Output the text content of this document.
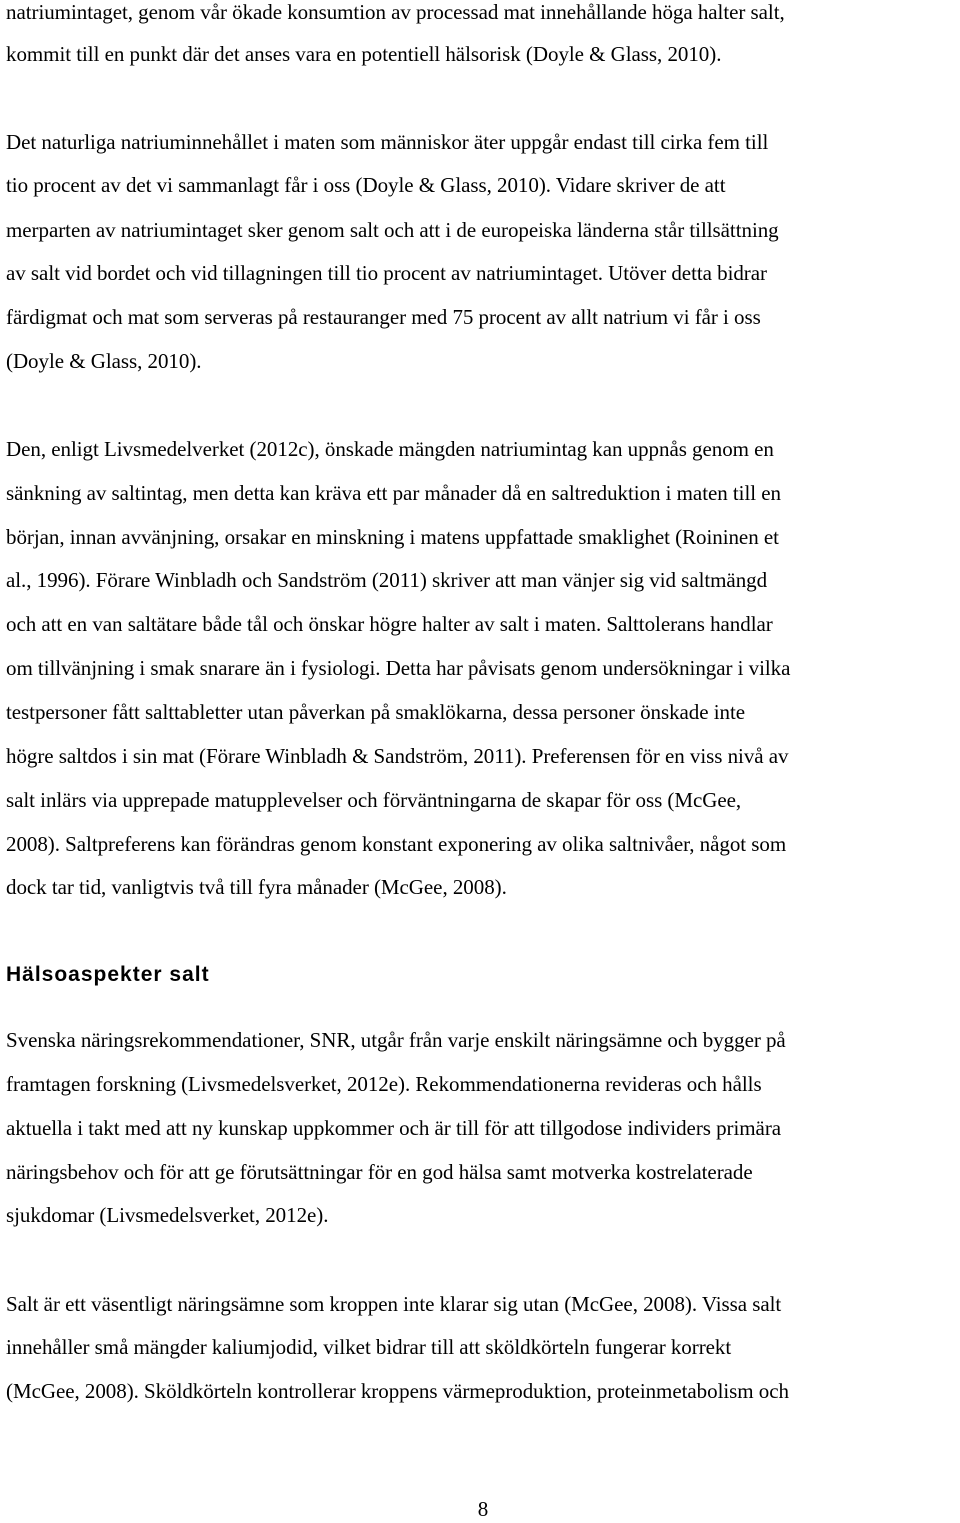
natriumintaget, genom vår ökade konsumtion av processad mat innehållande höga halter salt,
kommit till en punkt där det anses vara en potentiell hälsorisk (Doyle & Glass, 2010).
Det naturliga natriuminnehållet i maten som människor äter uppgår endast till cirka fem till
tio procent av det vi sammanlagt får i oss (Doyle & Glass, 2010). Vidare skriver de att
merparten av natriumintaget sker genom salt och att i de europeiska länderna står tillsättning
av salt vid bordet och vid tillagningen till tio procent av natriumintaget. Utöver detta bidrar
färdigmat och mat som serveras på restauranger med 75 procent av allt natrium vi får i oss
(Doyle & Glass, 2010).
Den, enligt Livsmedelverket (2012c), önskade mängden natriumintag kan uppnås genom en
sänkning av saltintag, men detta kan kräva ett par månader då en saltreduktion i maten till en
början, innan avvänjning, orsakar en minskning i matens uppfattade smaklighet (Roininen et
al., 1996). Förare Winbladh och Sandström (2011) skriver att man vänjer sig vid saltmängd
och att en van saltätare både tål och önskar högre halter av salt i maten. Salttolerans handlar
om tillvänjning i smak snarare än i fysiologi. Detta har påvisats genom undersökningar i vilka
testpersoner fått salttabletter utan påverkan på smaklökarna, dessa personer önskade inte
högre saltdos i sin mat (Förare Winbladh & Sandström, 2011). Preferensen för en viss nivå av
salt inlärs via upprepade matupplevelser och förväntningarna de skapar för oss (McGee,
2008). Saltpreferens kan förändras genom konstant exponering av olika saltnivåer, något som
dock tar tid, vanligtvis två till fyra månader (McGee, 2008).
Hälsoaspekter salt
Svenska näringsrekommendationer, SNR, utgår från varje enskilt näringsämne och bygger på
framtagen forskning (Livsmedelsverket, 2012e). Rekommendationerna revideras och hålls
aktuella i takt med att ny kunskap uppkommer och är till för att tillgodose individers primära
näringsbehov och för att ge förutsättningar för en god hälsa samt motverka kostrelaterade
sjukdomar (Livsmedelsverket, 2012e).
Salt är ett väsentligt näringsämne som kroppen inte klarar sig utan (McGee, 2008). Vissa salt
innehåller små mängder kaliumjodid, vilket bidrar till att sköldkörteln fungerar korrekt
(McGee, 2008). Sköldkörteln kontrollerar kroppens värmeproduktion, proteinmetabolism och
8
